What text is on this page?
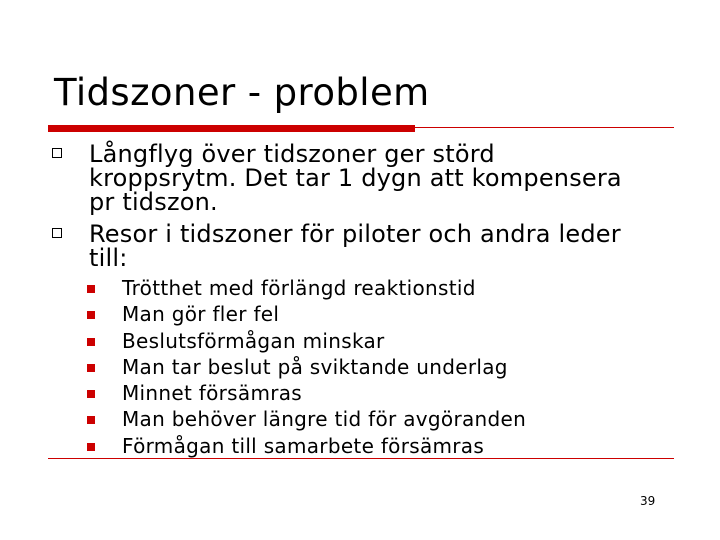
Tidszoner - problem
Långflyg över tidszoner ger störd
kroppsrytm. Det tar 1 dygn att kompensera
pr tidszon.
Resor i tidszoner för piloter och andra leder
till:
Trötthet med förlängd reaktionstid
Man gör fler fel
Beslutsförmågan minskar
Man tar beslut på sviktande underlag
Minnet försämras
Man behöver längre tid för avgöranden
Förmågan till samarbete försämras
39
